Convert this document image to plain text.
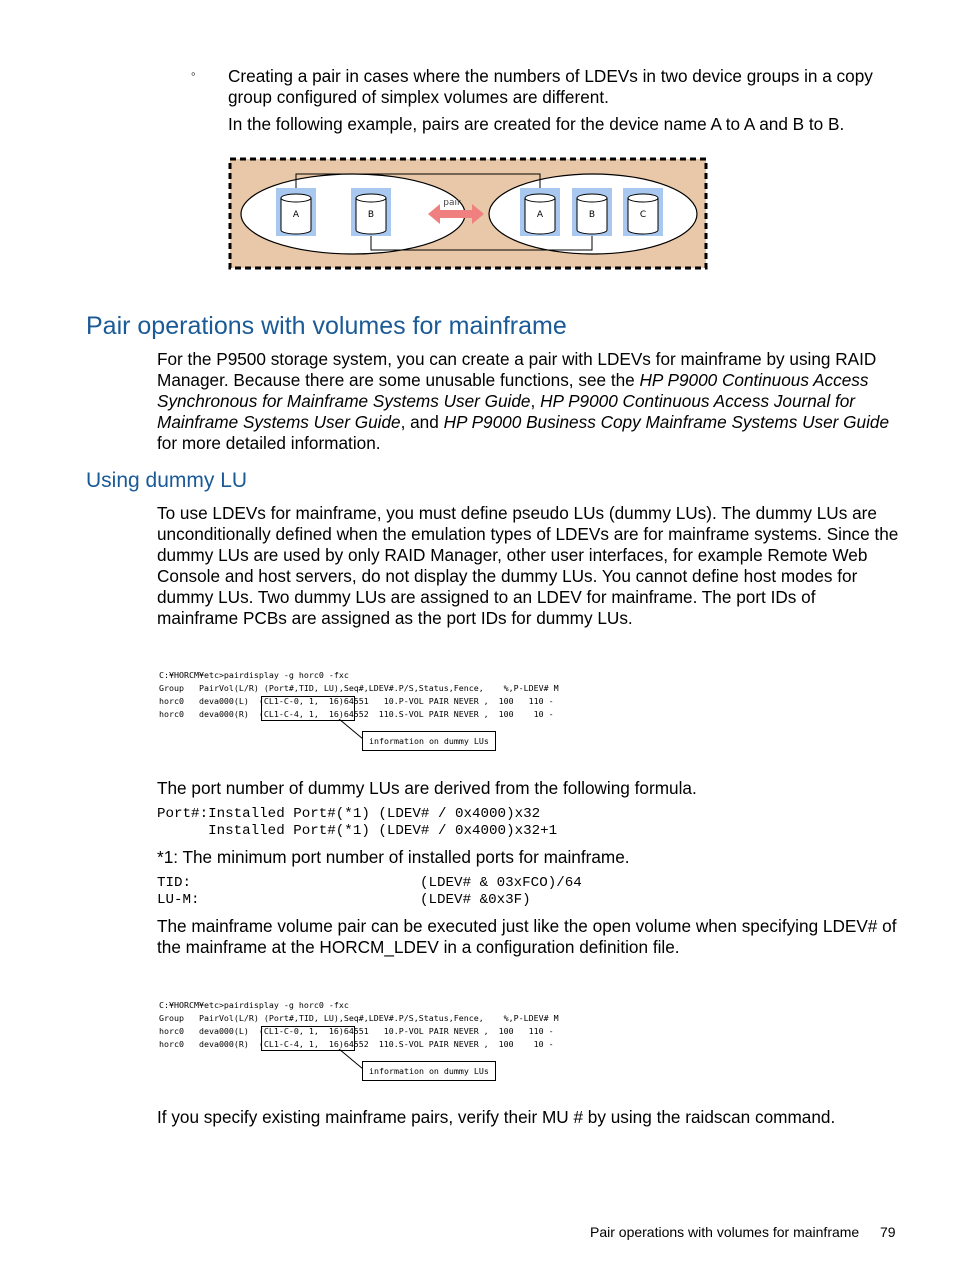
◦ Creating a pair in cases where the numbers of LDEVs in two device groups in a copy group configured of simplex volumes are different.
In the following example, pairs are created for the device name A to A and B to B.
A	B
pair
A	B	C
Pair operations with volumes for mainframe
For the P9500 storage system, you can create a pair with LDEVs for mainframe by using RAID Manager. Because there are some unusable functions, see the HP P9000 Continuous Access Synchronous for Mainframe Systems User Guide, HP P9000 Continuous Access Journal for Mainframe Systems User Guide, and HP P9000 Business Copy Mainframe Systems User Guide for more detailed information.
Using dummy LU
To use LDEVs for mainframe, you must define pseudo LUs (dummy LUs). The dummy LUs are unconditionally defined when the emulation types of LDEVs are for mainframe systems. Since the dummy LUs are used by only RAID Manager, other user interfaces, for example Remote Web Console and host servers, do not display the dummy LUs. You cannot define host modes for dummy LUs. Two dummy LUs are assigned to an LDEV for mainframe. The port IDs of mainframe PCBs are assigned as the port IDs for dummy LUs.
C:¥HORCM¥etc>pairdisplay -g horc0 -fxc
Group   PairVol(L/R) (Port#,TID, LU),Seq#,LDEV#.P/S,Status,Fence,    %,P-LDEV# M
horc0   deva000(L)  (CL1-C-0, 1,  16)64551   10.P-VOL PAIR NEVER ,  100   110 -
horc0   deva000(R)  (CL1-C-4, 1,  16)64552  110.S-VOL PAIR NEVER ,  100    10 -
information on dummy LUs
The port number of dummy LUs are derived from the following formula.
Port#:Installed Port#(*1) (LDEV# / 0x4000)x32
Installed Port#(*1) (LDEV# / 0x4000)x32+1
*1: The minimum port number of installed ports for mainframe.
TID:	(LDEV# & 03xFCO)/64
LU-M:	(LDEV# &0x3F)
The mainframe volume pair can be executed just like the open volume when specifying LDEV# of the mainframe at the HORCM_LDEV in a configuration definition file.
C:¥HORCM¥etc>pairdisplay -g horc0 -fxc
Group   PairVol(L/R) (Port#,TID, LU),Seq#,LDEV#.P/S,Status,Fence,    %,P-LDEV# M
horc0   deva000(L)  (CL1-C-0, 1,  16)64551   10.P-VOL PAIR NEVER ,  100   110 -
horc0   deva000(R)  (CL1-C-4, 1,  16)64552  110.S-VOL PAIR NEVER ,  100    10 -
information on dummy LUs
If you specify existing mainframe pairs, verify their MU # by using the raidscan command.
Pair operations with volumes for mainframe 79
